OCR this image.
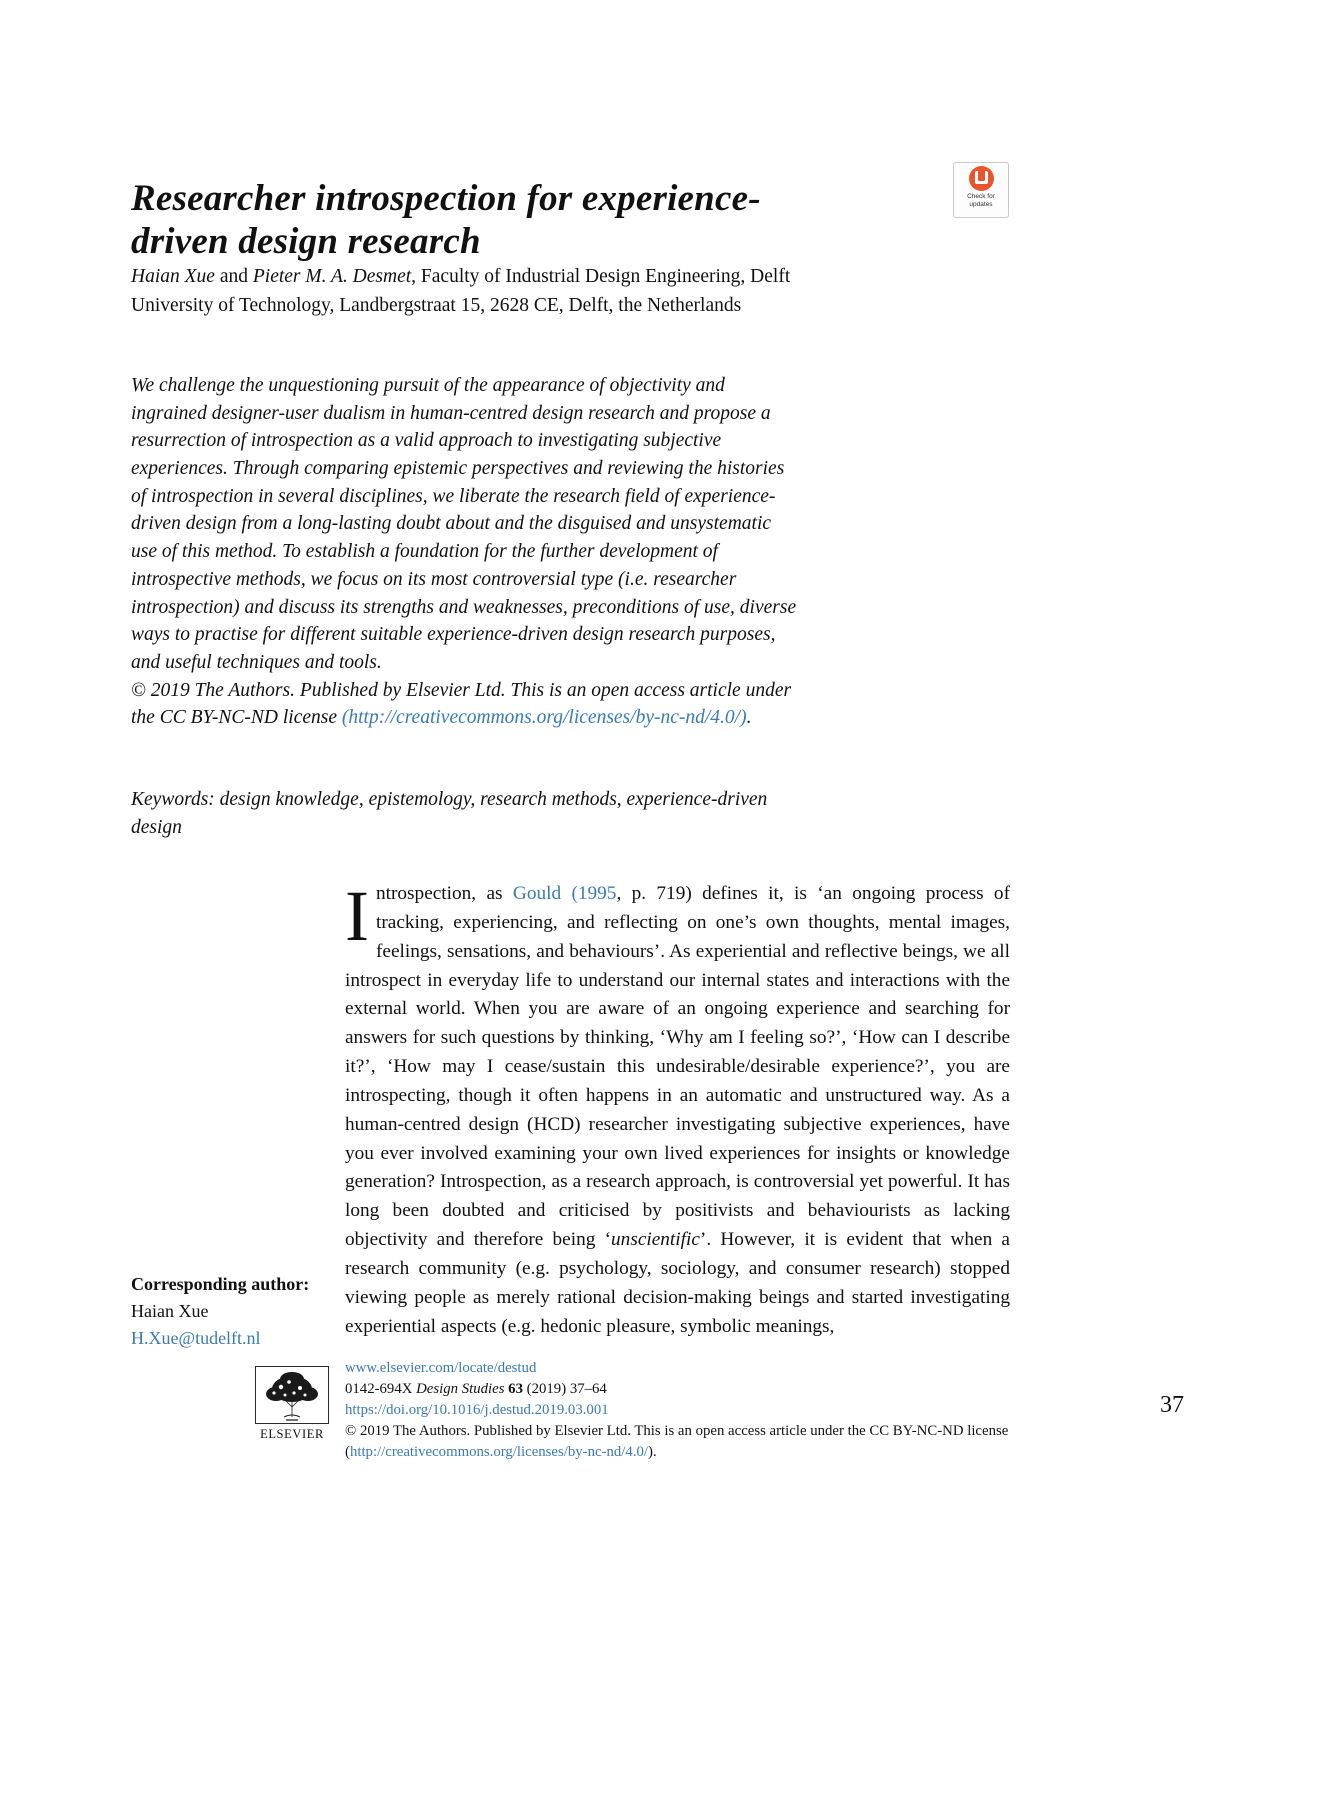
Researcher introspection for experience-driven design research
Check for
updates
Haian Xue and Pieter M. A. Desmet, Faculty of Industrial Design Engineering, Delft University of Technology, Landbergstraat 15, 2628 CE, Delft, the Netherlands

We challenge the unquestioning pursuit of the appearance of objectivity and ingrained designer-user dualism in human-centred design research and propose a resurrection of introspection as a valid approach to investigating subjective experiences. Through comparing epistemic perspectives and reviewing the histories of introspection in several disciplines, we liberate the research field of experience-driven design from a long-lasting doubt about and the disguised and unsystematic use of this method. To establish a foundation for the further development of introspective methods, we focus on its most controversial type (i.e. researcher introspection) and discuss its strengths and weaknesses, preconditions of use, diverse ways to practise for different suitable experience-driven design research purposes, and useful techniques and tools.

© 2019 The Authors. Published by Elsevier Ltd. This is an open access article under the CC BY-NC-ND license (http://creativecommons.org/licenses/by-nc-nd/4.0/).

Keywords: design knowledge, epistemology, research methods, experience-driven design
Corresponding author:
Haian Xue
H.Xue@tudelft.nl
Introspection, as Gould (1995, p. 719) defines it, is ‘an ongoing process of tracking, experiencing, and reflecting on one’s own thoughts, mental images, feelings, sensations, and behaviours’. As experiential and reflective beings, we all introspect in everyday life to understand our internal states and interactions with the external world. When you are aware of an ongoing experience and searching for answers for such questions by thinking, ‘Why am I feeling so?’, ‘How can I describe it?’, ‘How may I cease/sustain this undesirable/desirable experience?’, you are introspecting, though it often happens in an automatic and unstructured way. As a human-centred design (HCD) researcher investigating subjective experiences, have you ever involved examining your own lived experiences for insights or knowledge generation? Introspection, as a research approach, is controversial yet powerful. It has long been doubted and criticised by positivists and behaviourists as lacking objectivity and therefore being ‘unscientific’. However, it is evident that when a research community (e.g. psychology, sociology, and consumer research) stopped viewing people as merely rational decision-making beings and started investigating experiential aspects (e.g. hedonic pleasure, symbolic meanings,
ELSEVIER
www.elsevier.com/locate/destud
0142-694X Design Studies 63 (2019) 37–64
https://doi.org/10.1016/j.destud.2019.03.001
© 2019 The Authors. Published by Elsevier Ltd. This is an open access article under the CC BY-NC-ND license (http://creativecommons.org/licenses/by-nc-nd/4.0/).
37
